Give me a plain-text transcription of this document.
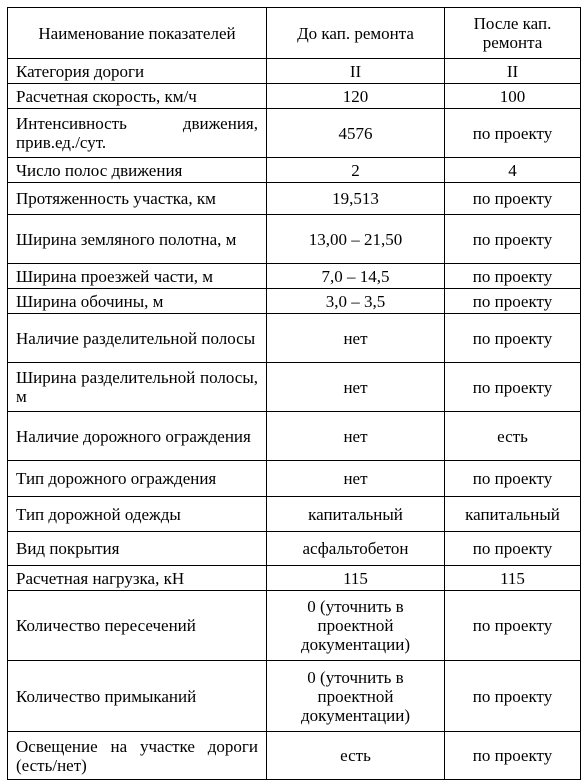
Наименование показателей	До кап. ремонта	После кап. ремонта
Категория дороги	II	II
Расчетная скорость, км/ч	120	100
Интенсивность движения, прив.ед./сут.	4576	по проекту
Число полос движения	2	4
Протяженность участка, км	19,513	по проекту
Ширина земляного полотна, м	13,00 – 21,50	по проекту
Ширина проезжей части, м	7,0 – 14,5	по проекту
Ширина обочины, м	3,0 – 3,5	по проекту
Наличие разделительной полосы	нет	по проекту
Ширина разделительной полосы, м	нет	по проекту
Наличие дорожного ограждения	нет	есть
Тип дорожного ограждения	нет	по проекту
Тип дорожной одежды	капитальный	капитальный
Вид покрытия	асфальтобетон	по проекту
Расчетная нагрузка, кН	115	115
Количество пересечений	0 (уточнить в проектной документации)	по проекту
Количество примыканий	0 (уточнить в проектной документации)	по проекту
Освещение на участке дороги (есть/нет)	есть	по проекту
